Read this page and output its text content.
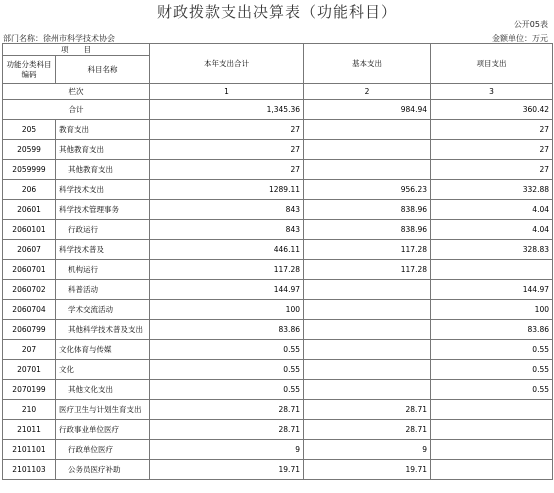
财政拨款支出决算表（功能科目）
公开05表
部门名称：徐州市科学技术协会	金额单位：万元
项　　目		本年支出合计	基本支出	项目支出
功能分类科目编码	科目名称			
栏次		1	2	3
合计		1,345.36	984.94	360.42
205	教育支出	27		27
20599	其他教育支出	27		27
2059999	其他教育支出	27		27
206	科学技术支出	1289.11	956.23	332.88
20601	科学技术管理事务	843	838.96	4.04
2060101	行政运行	843	838.96	4.04
20607	科学技术普及	446.11	117.28	328.83
2060701	机构运行	117.28	117.28	
2060702	科普活动	144.97		144.97
2060704	学术交流活动	100		100
2060799	其他科学技术普及支出	83.86		83.86
207	文化体育与传媒	0.55		0.55
20701	文化	0.55		0.55
2070199	其他文化支出	0.55		0.55
210	医疗卫生与计划生育支出	28.71	28.71	
21011	行政事业单位医疗	28.71	28.71	
2101101	行政单位医疗	9	9	
2101103	公务员医疗补助	19.71	19.71	
